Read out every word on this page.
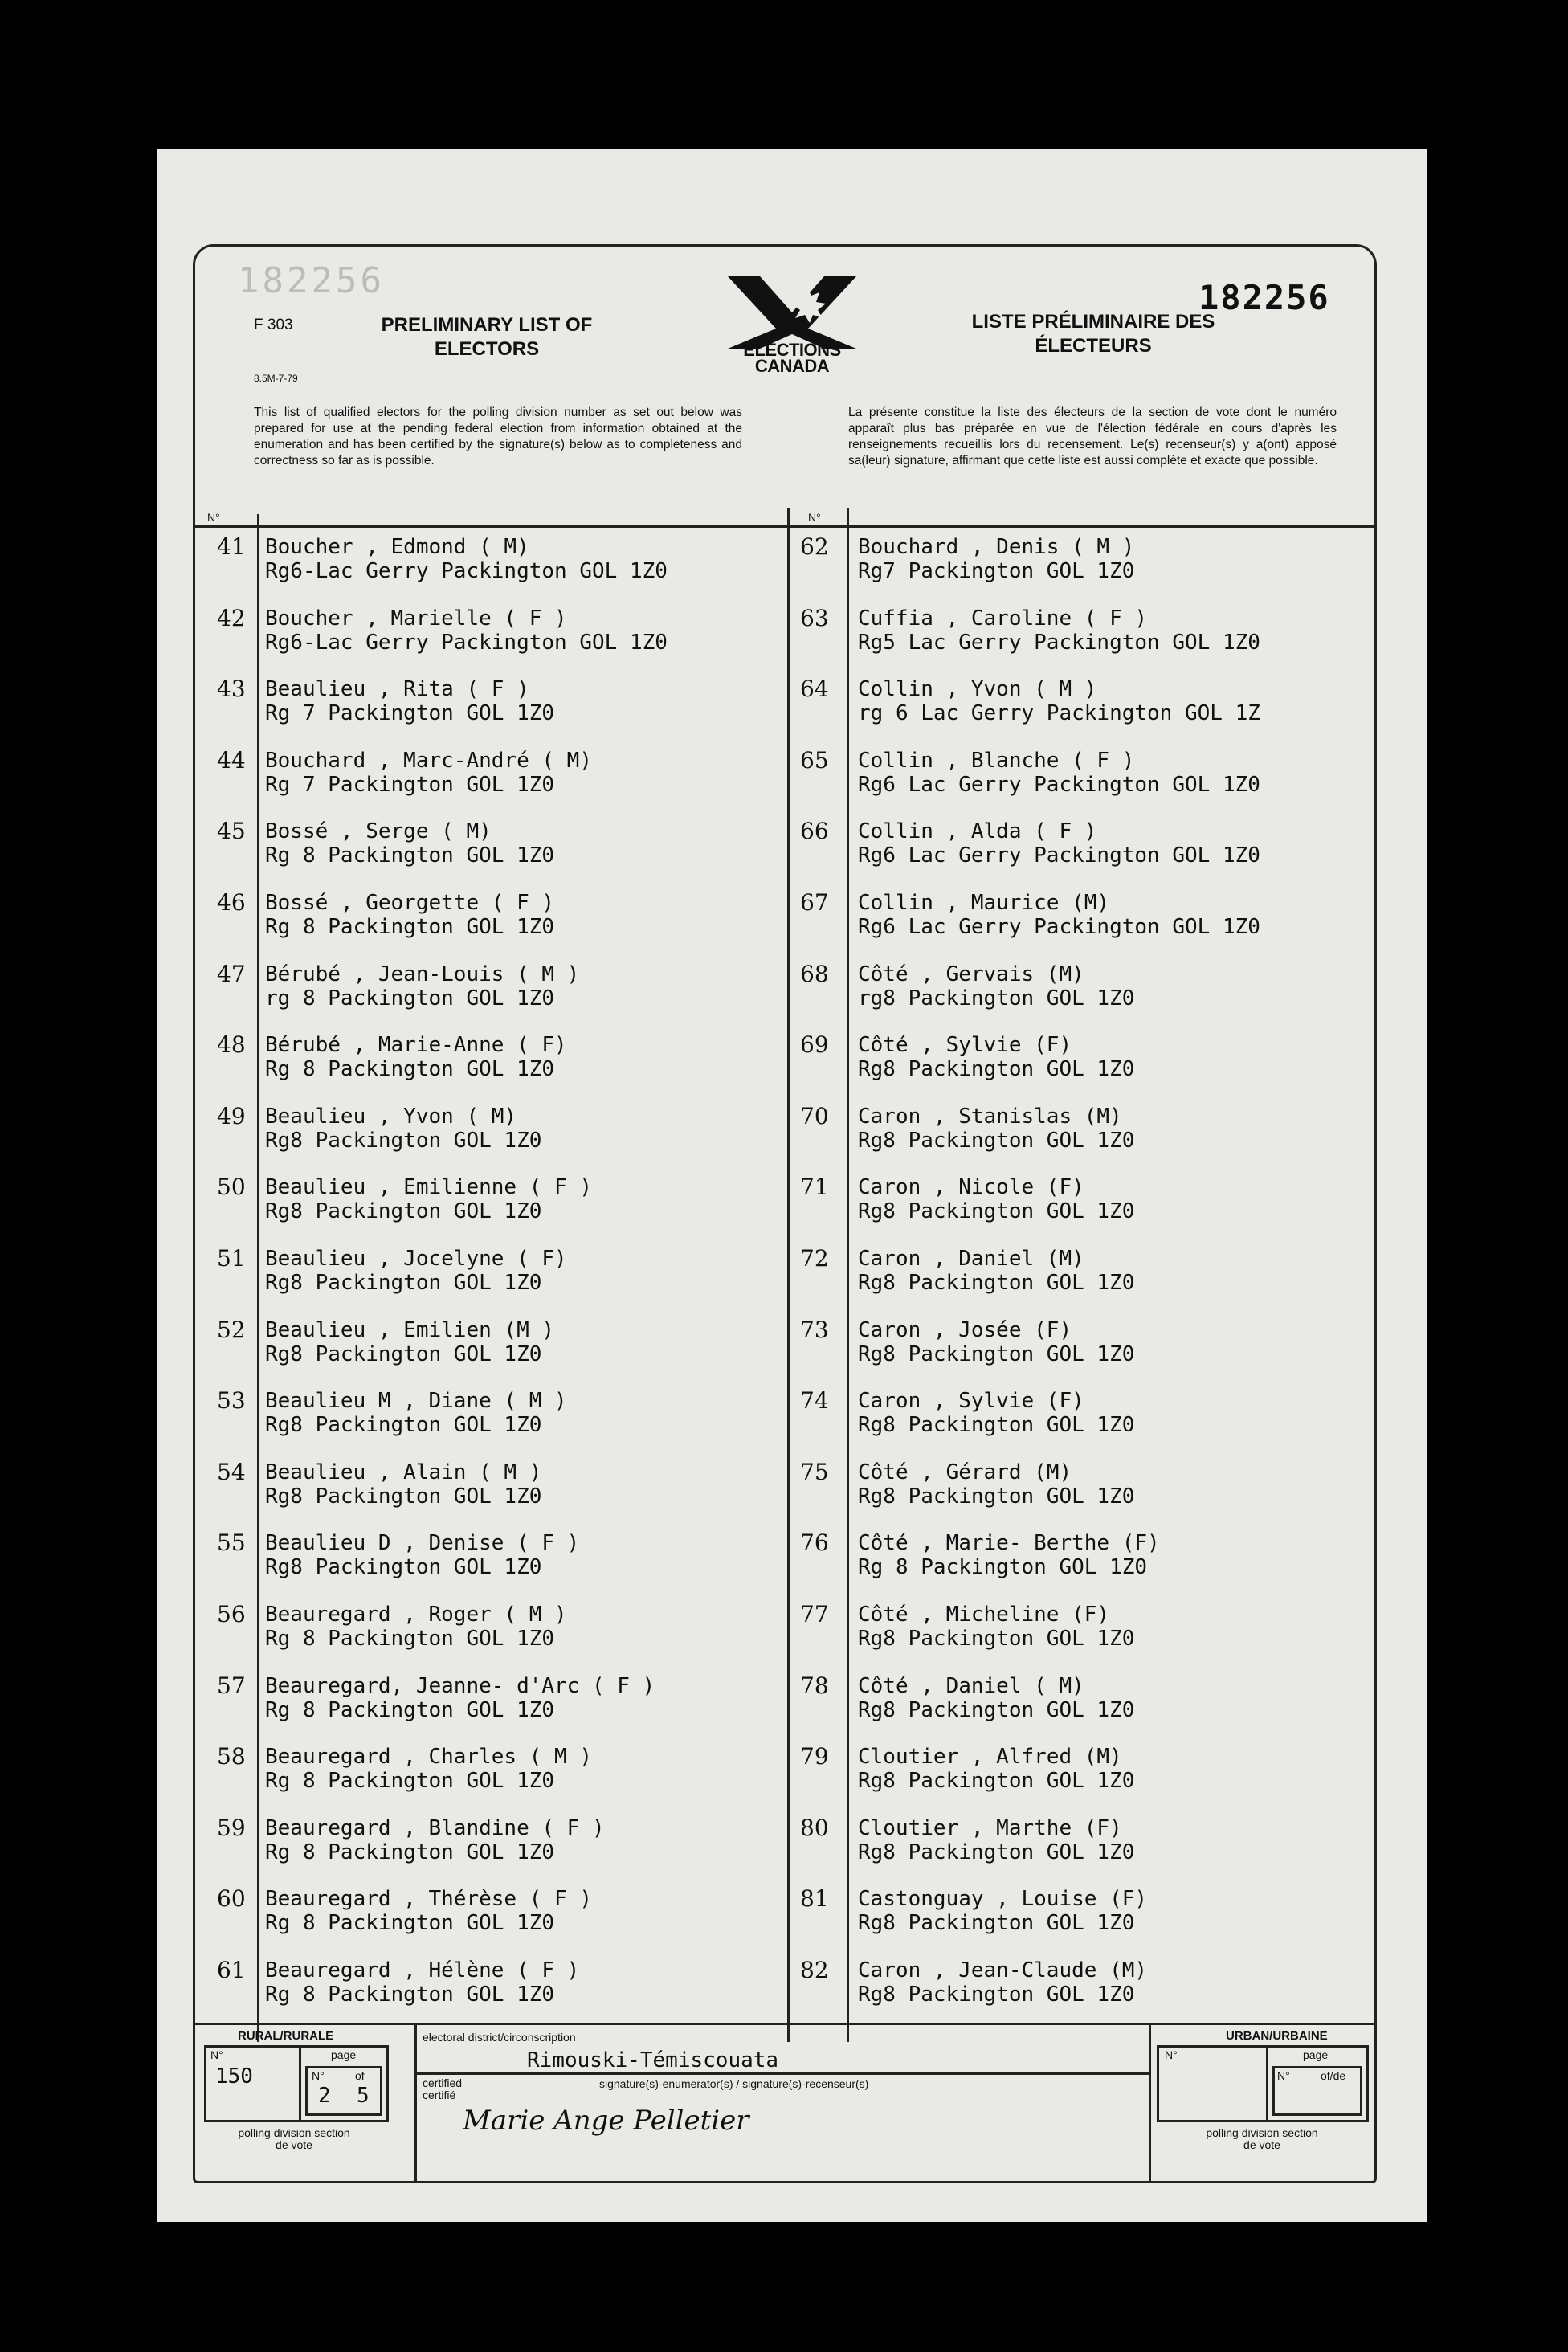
182256	182256
F 303
8.5M-7-79
PRELIMINARY LIST OF ELECTORS
LISTE PRÉLIMINAIRE DES ÉLECTEURS
ELECTIONS
CANADA
This list of qualified electors for the polling division number as set out below was prepared for use at the pending federal election from information obtained at the enumeration and has been certified by the signature(s) below as to completeness and correctness so far as is possible.
La présente constitue la liste des électeurs de la section de vote dont le numéro apparaît plus bas préparée en vue de l'élection fédérale en cours d'après les renseignements recueillis lors du recensement. Le(s) recenseur(s) y a(ont) apposé sa(leur) signature, affirmant que cette liste est aussi complète et exacte que possible.
N°	N°
41 Boucher , Edmond ( M)
Rg6-Lac Gerry Packington GOL 1Z0
42 Boucher , Marielle ( F )
Rg6-Lac Gerry Packington GOL 1Z0
43 Beaulieu , Rita ( F )
Rg 7 Packington GOL 1Z0
44 Bouchard , Marc-André ( M)
Rg 7 Packington GOL 1Z0
45 Bossé , Serge ( M)
Rg 8 Packington GOL 1Z0
46 Bossé , Georgette ( F )
Rg 8 Packington GOL 1Z0
47 Bérubé , Jean-Louis ( M )
rg 8 Packington GOL 1Z0
48 Bérubé , Marie-Anne ( F)
Rg 8 Packington GOL 1Z0
49 Beaulieu , Yvon ( M)
Rg8 Packington GOL 1Z0
50 Beaulieu , Emilienne ( F )
Rg8 Packington GOL 1Z0
51 Beaulieu , Jocelyne ( F)
Rg8 Packington GOL 1Z0
52 Beaulieu , Emilien (M )
Rg8 Packington GOL 1Z0
53 Beaulieu M , Diane ( M )
Rg8 Packington GOL 1Z0
54 Beaulieu , Alain ( M )
Rg8 Packington GOL 1Z0
55 Beaulieu D , Denise ( F )
Rg8 Packington GOL 1Z0
56 Beauregard , Roger ( M )
Rg 8 Packington GOL 1Z0
57 Beauregard, Jeanne- d'Arc ( F )
Rg 8 Packington GOL 1Z0
58 Beauregard , Charles ( M )
Rg 8 Packington GOL 1Z0
59 Beauregard , Blandine ( F )
Rg 8 Packington GOL 1Z0
60 Beauregard , Thérèse ( F )
Rg 8 Packington GOL 1Z0
61 Beauregard , Hélène ( F )
Rg 8 Packington GOL 1Z0
62 Bouchard , Denis ( M )
Rg7 Packington GOL 1Z0
63 Cuffia , Caroline ( F )
Rg5 Lac Gerry Packington GOL 1Z0
64 Collin , Yvon ( M )
rg 6 Lac Gerry Packington GOL 1Z
65 Collin , Blanche ( F )
Rg6 Lac Gerry Packington GOL 1Z0
66 Collin , Alda ( F )
Rg6 Lac Gerry Packington GOL 1Z0
67 Collin , Maurice (M)
Rg6 Lac Gerry Packington GOL 1Z0
68 Côté , Gervais (M)
rg8 Packington GOL 1Z0
69 Côté , Sylvie (F)
Rg8 Packington GOL 1Z0
70 Caron , Stanislas (M)
Rg8 Packington GOL 1Z0
71 Caron , Nicole (F)
Rg8 Packington GOL 1Z0
72 Caron , Daniel (M)
Rg8 Packington GOL 1Z0
73 Caron , Josée (F)
Rg8 Packington GOL 1Z0
74 Caron , Sylvie (F)
Rg8 Packington GOL 1Z0
75 Côté , Gérard (M)
Rg8 Packington GOL 1Z0
76 Côté , Marie- Berthe (F)
Rg 8 Packington GOL 1Z0
77 Côté , Micheline (F)
Rg8 Packington GOL 1Z0
78 Côté , Daniel ( M)
Rg8 Packington GOL 1Z0
79 Cloutier , Alfred (M)
Rg8 Packington GOL 1Z0
80 Cloutier , Marthe (F)
Rg8 Packington GOL 1Z0
81 Castonguay , Louise (F)
Rg8 Packington GOL 1Z0
82 Caron , Jean-Claude (M)
Rg8 Packington GOL 1Z0
RURAL/RURALE
N°
150
page
N°
2
of
5
polling division section de vote
electoral district/circonscription
Rimouski-Témiscouata
certified certifié
signature(s)-enumerator(s) / signature(s)-recenseur(s)
Marie Ange Pelletier
URBAN/URBAINE
N°	page
N°	of/de
polling division section de vote
